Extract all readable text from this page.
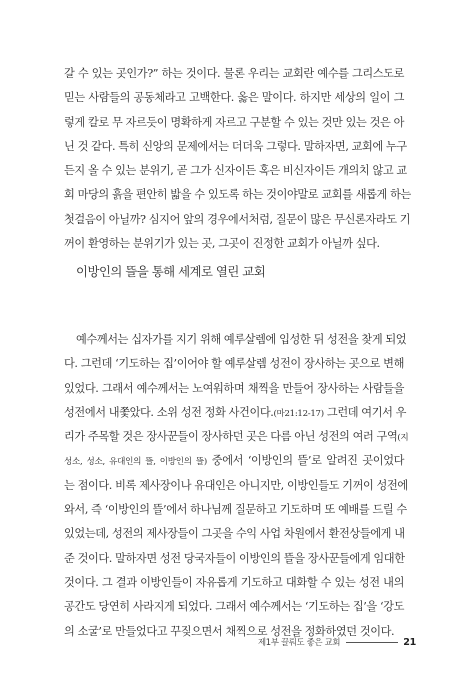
갈 수 있는 곳인가?” 하는 것이다. 물론 우리는 교회란 예수를 그리스도로
믿는 사람들의 공동체라고 고백한다. 옳은 말이다. 하지만 세상의 일이 그
렇게 칼로 무 자르듯이 명확하게 자르고 구분할 수 있는 것만 있는 것은 아
닌 것 같다. 특히 신앙의 문제에서는 더더욱 그렇다. 말하자면, 교회에 누구
든지 올 수 있는 분위기, 곧 그가 신자이든 혹은 비신자이든 개의치 않고 교
회 마당의 흙을 편안히 밟을 수 있도록 하는 것이야말로 교회를 새롭게 하는
첫걸음이 아닐까? 심지어 앞의 경우에서처럼, 질문이 많은 무신론자라도 기
꺼이 환영하는 분위기가 있는 곳, 그곳이 진정한 교회가 아닐까 싶다.
이방인의 뜰을 통해 세계로 열린 교회
예수께서는 십자가를 지기 위해 예루살렘에 입성한 뒤 성전을 찾게 되었
다. 그런데 ‘기도하는 집’이어야 할 예루살렘 성전이 장사하는 곳으로 변해
있었다. 그래서 예수께서는 노여워하며 채찍을 만들어 장사하는 사람들을
성전에서 내쫓았다. 소위 성전 정화 사건이다.(마21:12-17) 그런데 여기서 우
리가 주목할 것은 장사꾼들이 장사하던 곳은 다름 아닌 성전의 여러 구역(지
성소, 성소, 유대인의 뜰, 이방인의 뜰) 중에서 ‘이방인의 뜰’로 알려진 곳이었다
는 점이다. 비록 제사장이나 유대인은 아니지만, 이방인들도 기꺼이 성전에
와서, 즉 ‘이방인의 뜰’에서 하나님께 질문하고 기도하며 또 예배를 드릴 수
있었는데, 성전의 제사장들이 그곳을 수익 사업 차원에서 환전상들에게 내
준 것이다. 말하자면 성전 당국자들이 이방인의 뜰을 장사꾼들에게 임대한
것이다. 그 결과 이방인들이 자유롭게 기도하고 대화할 수 있는 성전 내의
공간도 당연히 사라지게 되었다. 그래서 예수께서는 ‘기도하는 집’을 ‘강도
의 소굴’로 만들었다고 꾸짖으면서 채찍으로 성전을 정화하였던 것이다.
제1부 끌뤄도 좋은 교회	21
